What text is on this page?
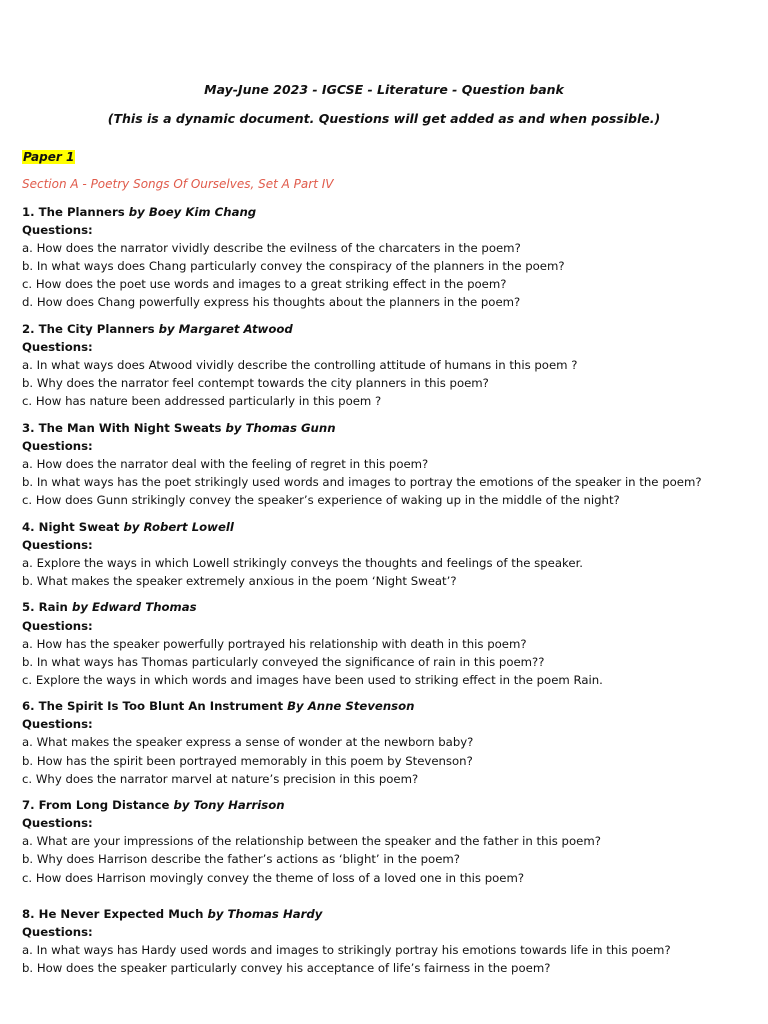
May-June 2023 - IGCSE - Literature - Question bank
(This is a dynamic document. Questions will get added as and when possible.)
Paper 1
Section A - Poetry Songs Of Ourselves, Set A Part IV
1. The Planners by Boey Kim Chang
Questions:
a. How does the narrator vividly describe the evilness of the charcaters in the poem?
b. In what ways does Chang particularly convey the conspiracy of the planners in the poem?
c. How does the poet use words and images to a great striking effect in the poem?
d. How does Chang powerfully express his thoughts about the planners in the poem?
2. The City Planners by Margaret Atwood
Questions:
a. In what ways does Atwood vividly describe the controlling attitude of humans in this poem ?
b. Why does the narrator feel contempt towards the city planners in this poem?
c. How has nature been addressed particularly in this poem ?
3. The Man With Night Sweats by Thomas Gunn
Questions:
a. How does the narrator deal with the feeling of regret in this poem?
b. In what ways has the poet strikingly used words and images to portray the emotions of the speaker in the poem?
c. How does Gunn strikingly convey the speaker’s experience of waking up in the middle of the night?
4. Night Sweat by Robert Lowell
Questions:
a. Explore the ways in which Lowell strikingly conveys the thoughts and feelings of the speaker.
b. What makes the speaker extremely anxious in the poem ‘Night Sweat’?
5. Rain by Edward Thomas
Questions:
a. How has the speaker powerfully portrayed his relationship with death in this poem?
b. In what ways has Thomas particularly conveyed the significance of rain in this poem??
c. Explore the ways in which words and images have been used to striking effect in the poem Rain.
6. The Spirit Is Too Blunt An Instrument By Anne Stevenson
Questions:
a. What makes the speaker express a sense of wonder at the newborn baby?
b. How has the spirit been portrayed memorably in this poem by Stevenson?
c. Why does the narrator marvel at nature’s precision in this poem?
7. From Long Distance by Tony Harrison
Questions:
a. What are your impressions of the relationship between the speaker and the father in this poem?
b. Why does Harrison describe the father’s actions as ‘blight’ in the poem?
c. How does Harrison movingly convey the theme of loss of a loved one in this poem?
8. He Never Expected Much by Thomas Hardy
Questions:
a. In what ways has Hardy used words and images to strikingly portray his emotions towards life in this poem?
b. How does the speaker particularly convey his acceptance of life’s fairness in the poem?
